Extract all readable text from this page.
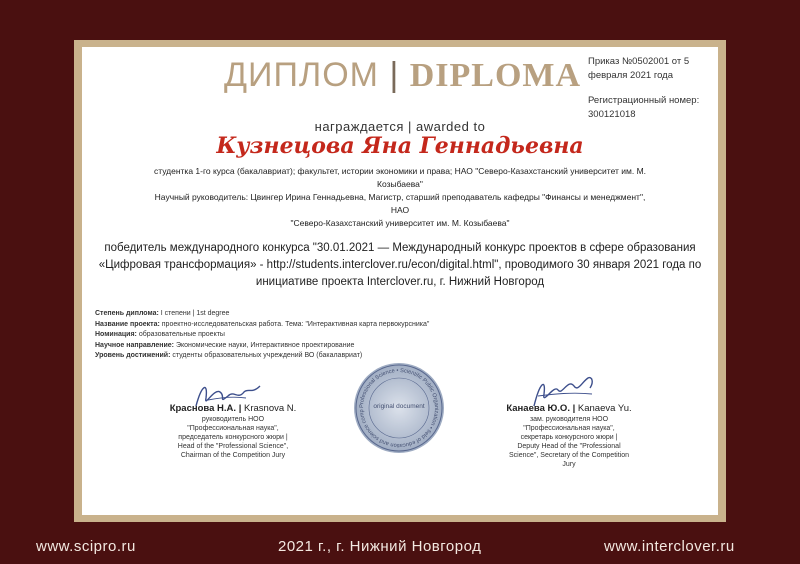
ДИПЛОМ | DIPLOMA Приказ №0502001 от 5 февраля 2021 года
Регистрационный номер:
300121018
награждается | awarded to
Кузнецова Яна Геннадьевна
студентка 1-го курса (бакалавриат); факультет, истории экономики и права; НАО "Северо-Казахстанский университет им. М. Козыбаева"
Научный руководитель: Цвингер Ирина Геннадьевна, Магистр, старший преподаватель кафедры "Финансы и менеджмент", НАО
"Северо-Казахстанский университет им. М. Козыбаева"
победитель международного конкурса "30.01.2021 — Международный конкурс проектов в сфере образования
«Цифровая трансформация» - http://students.interclover.ru/econ/digital.html", проводимого 30 января 2021 года по
инициативе проекта Interclover.ru, г. Нижний Новгород
Степень диплома: I степени | 1st degree
Название проекта: проектно-исследовательская работа. Тема: "Интерактивная карта первокурсника"
Номинация: образовательные проекты
Научное направление: Экономические науки, Интерактивное проектирование
Уровень достижений: студенты образовательных учреждений ВО (бакалавриат)
Professional Science • Scientific Public Organization • field of education and science comp
original document
Краснова Н.А. | Krasnova N.
руководитель НОО
"Профессиональная наука",
председатель конкурсного жюри |
Head of the "Professional Science",
Chairman of the Competition Jury
Канаева Ю.О. | Kanaeva Yu.
зам. руководителя НОО
"Профессиональная наука",
секретарь конкурсного жюри |
Deputy Head of the "Professional
Science", Secretary of the Competition
Jury
www.scipro.ru	2021 г., г. Нижний Новгород	www.interclover.ru
